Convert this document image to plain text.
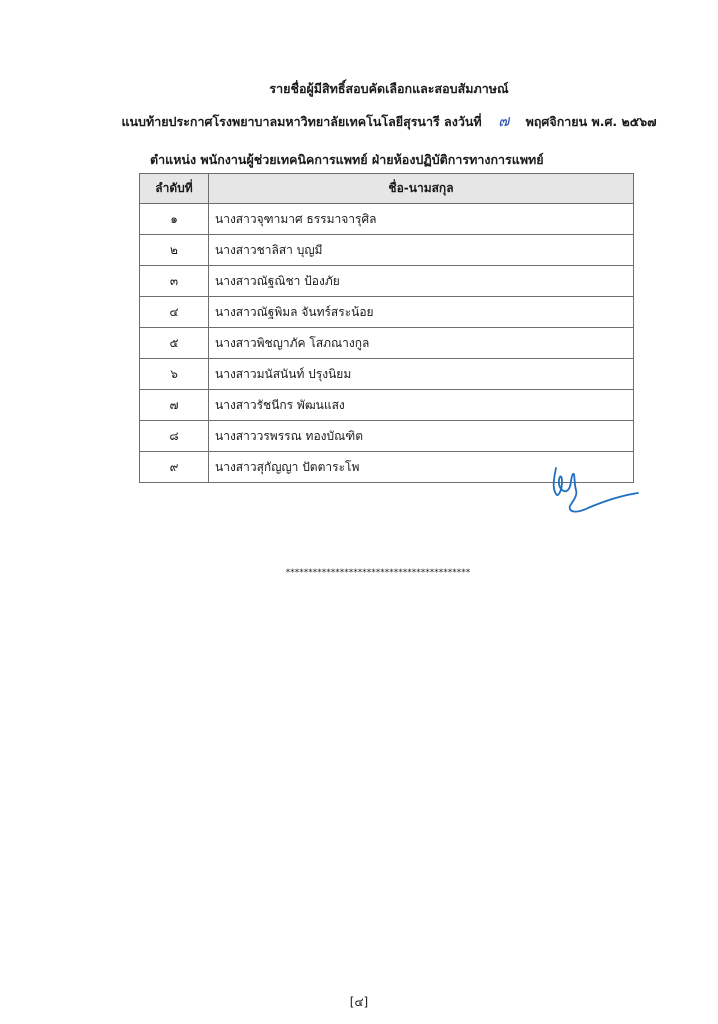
รายชื่อผู้มีสิทธิ์สอบคัดเลือกและสอบสัมภาษณ์
แนบท้ายประกาศโรงพยาบาลมหาวิทยาลัยเทคโนโลยีสุรนารี ลงวันที่ ๗ พฤศจิกายน พ.ศ. ๒๕๖๗
ตำแหน่ง พนักงานผู้ช่วยเทคนิคการแพทย์ ฝ่ายห้องปฏิบัติการทางการแพทย์
ลำดับที่	ชื่อ-นามสกุล
๑	นางสาวจุฑามาศ ธรรมาจารุศิล
๒	นางสาวชาลิสา บุญมี
๓	นางสาวณัฐณิชา ป้องภัย
๔	นางสาวณัฐพิมล จันทร์สระน้อย
๕	นางสาวพิชญาภัค โสภณางกูล
๖	นางสาวมนัสนันท์ ปรุงนิยม
๗	นางสาวรัชนีกร พัฒนแสง
๘	นางสาววรพรรณ ทองบัณฑิต
๙	นางสาวสุกัญญา ปัตตาระโพ
*****************************************
[๔]
